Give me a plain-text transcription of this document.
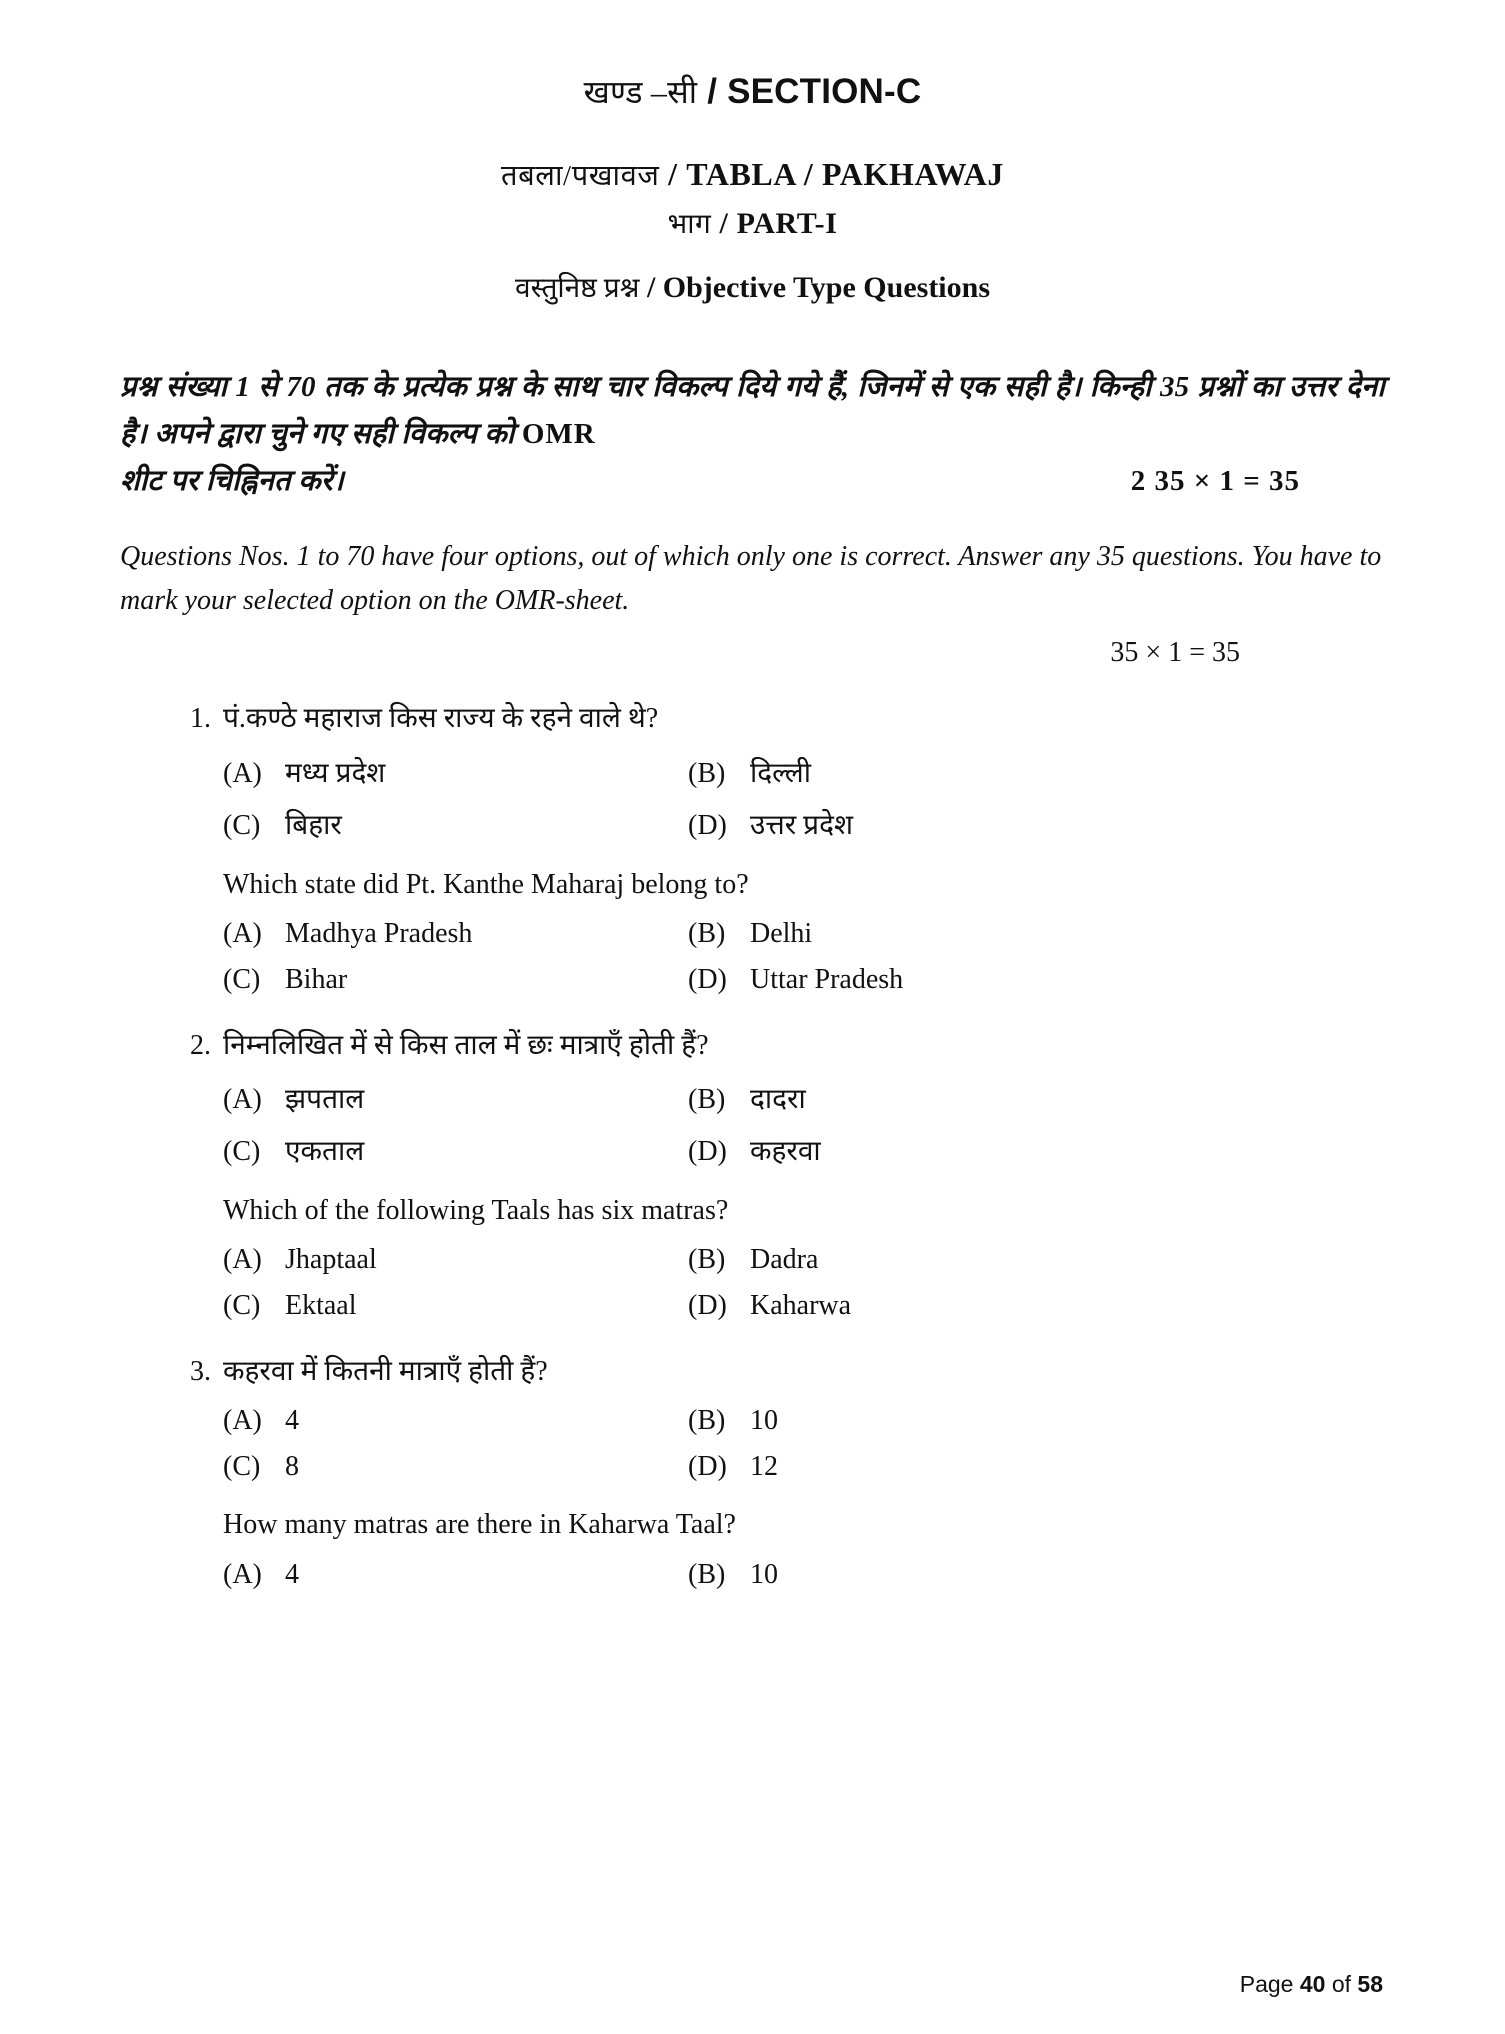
खण्ड –सी / SECTION-C
तबला/पखावज / TABLA / PAKHAWAJ
भाग / PART-I
वस्तुनिष्ठ प्रश्न / Objective Type Questions
प्रश्न संख्या 1 से 70 तक के प्रत्येक प्रश्न के साथ चार विकल्प दिये गये हैं, जिनमें से एक सही है। किन्ही 35 प्रश्नों का उत्तर देना है। अपने द्वारा चुने गए सही विकल्प को OMR
शीट पर चिह्निनत करें।	2 35 × 1 = 35
Questions Nos. 1 to 70 have four options, out of which only one is correct. Answer any 35 questions. You have to mark your selected option on the OMR-sheet.
35 × 1 = 35
1. पं.कण्ठे महाराज किस राज्य के रहने वाले थे?
(A) मध्य प्रदेश	(B) दिल्ली
(C) बिहार	(D) उत्तर प्रदेश
Which state did Pt. Kanthe Maharaj belong to?
(A) Madhya Pradesh	(B) Delhi
(C) Bihar	(D) Uttar Pradesh
2. निम्नलिखित में से किस ताल में छः मात्राएँ होती हैं?
(A) झपताल	(B) दादरा
(C) एकताल	(D) कहरवा
Which of the following Taals has six matras?
(A) Jhaptaal	(B) Dadra
(C) Ektaal	(D) Kaharwa
3. कहरवा में कितनी मात्राएँ होती हैं?
(A) 4	(B) 10
(C) 8	(D) 12
How many matras are there in Kaharwa Taal?
(A) 4	(B) 10
Page 40 of 58
